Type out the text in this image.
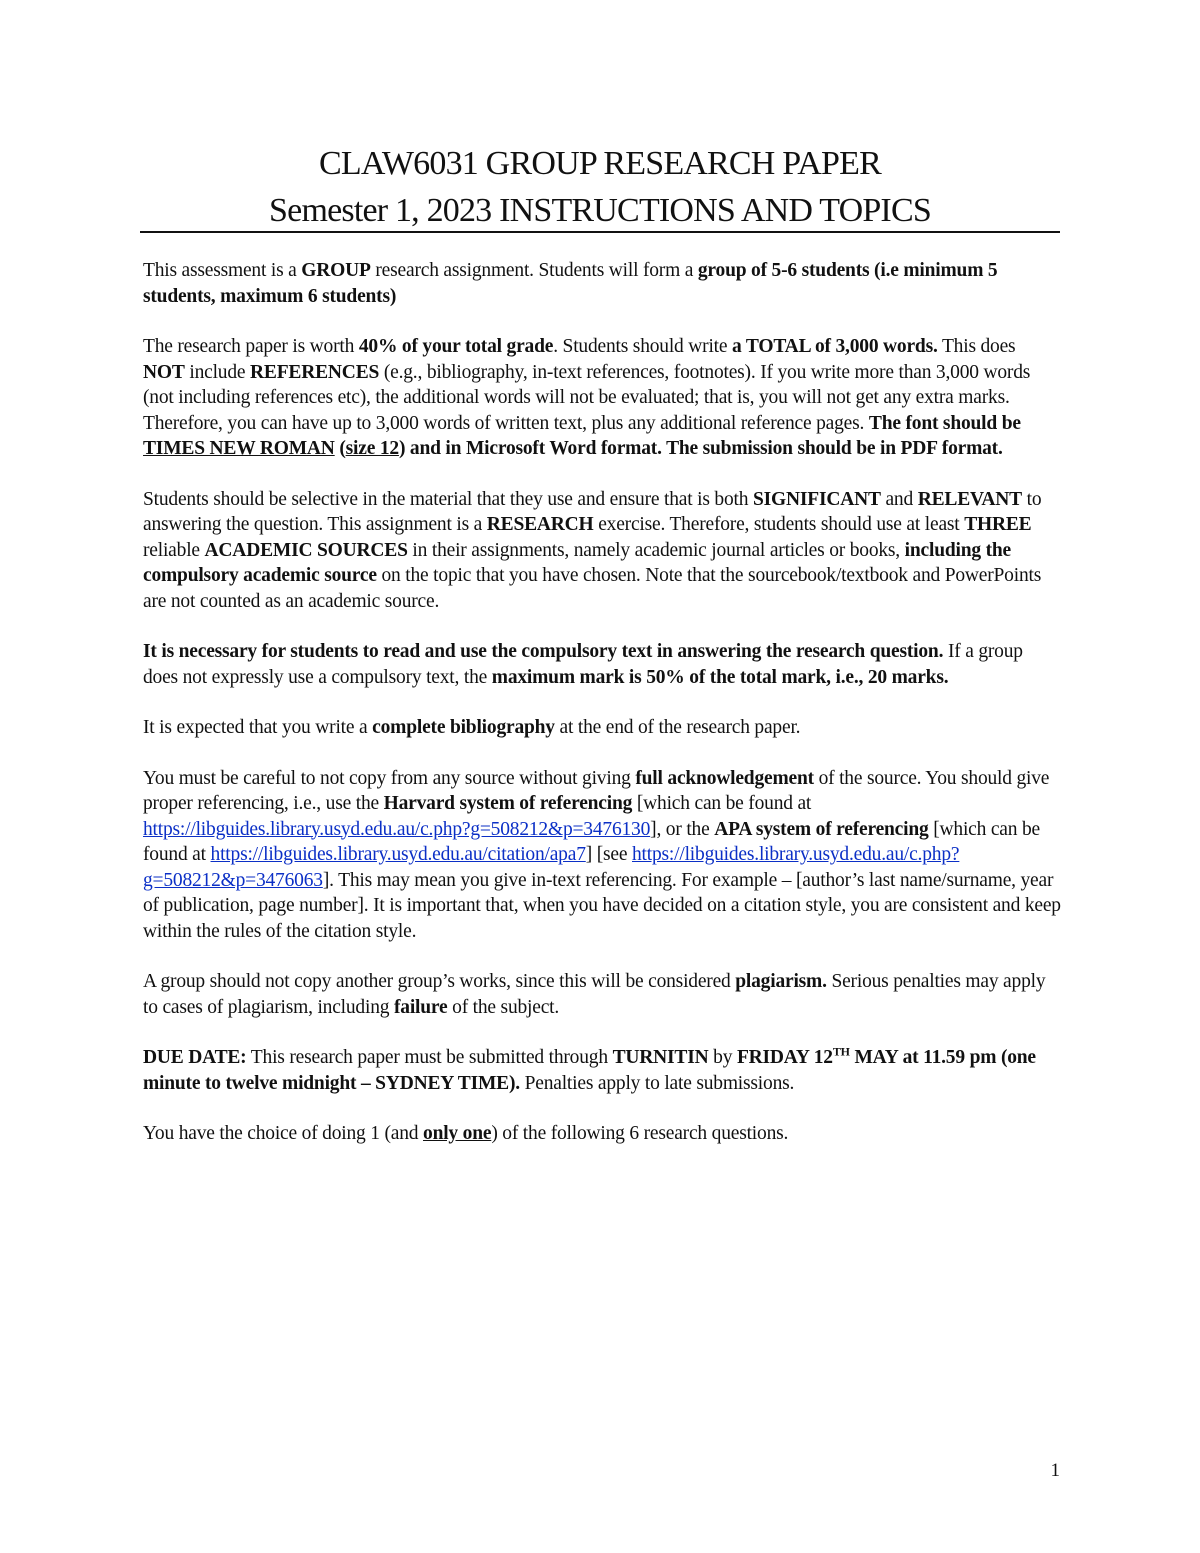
CLAW6031 GROUP RESEARCH PAPER
Semester 1, 2023 INSTRUCTIONS AND TOPICS

This assessment is a GROUP research assignment. Students will form a group of 5-6 students (i.e minimum 5 students, maximum 6 students)

The research paper is worth 40% of your total grade. Students should write a TOTAL of 3,000 words. This does NOT include REFERENCES (e.g., bibliography, in-text references, footnotes). If you write more than 3,000 words (not including references etc), the additional words will not be evaluated; that is, you will not get any extra marks. Therefore, you can have up to 3,000 words of written text, plus any additional reference pages. The font should be TIMES NEW ROMAN (size 12) and in Microsoft Word format. The submission should be in PDF format.

Students should be selective in the material that they use and ensure that is both SIGNIFICANT and RELEVANT to answering the question. This assignment is a RESEARCH exercise. Therefore, students should use at least THREE reliable ACADEMIC SOURCES in their assignments, namely academic journal articles or books, including the compulsory academic source on the topic that you have chosen. Note that the sourcebook/textbook and PowerPoints are not counted as an academic source.

It is necessary for students to read and use the compulsory text in answering the research question. If a group does not expressly use a compulsory text, the maximum mark is 50% of the total mark, i.e., 20 marks.

It is expected that you write a complete bibliography at the end of the research paper.

You must be careful to not copy from any source without giving full acknowledgement of the source. You should give proper referencing, i.e., use the Harvard system of referencing [which can be found at https://libguides.library.usyd.edu.au/c.php?g=508212&p=3476130], or the APA system of referencing [which can be found at https://libguides.library.usyd.edu.au/citation/apa7] [see https://libguides.library.usyd.edu.au/c.php?g=508212&p=3476063]. This may mean you give in-text referencing. For example – [author’s last name/surname, year of publication, page number]. It is important that, when you have decided on a citation style, you are consistent and keep within the rules of the citation style.

A group should not copy another group’s works, since this will be considered plagiarism. Serious penalties may apply to cases of plagiarism, including failure of the subject.

DUE DATE: This research paper must be submitted through TURNITIN by FRIDAY 12TH MAY at 11.59 pm (one minute to twelve midnight – SYDNEY TIME). Penalties apply to late submissions.

You have the choice of doing 1 (and only one) of the following 6 research questions.

1
